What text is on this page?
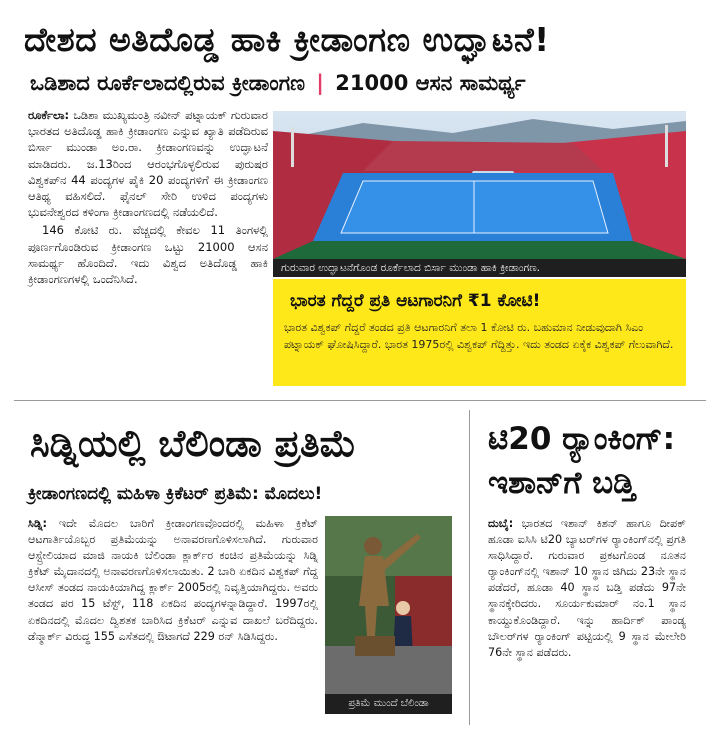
ದೇಶದ ಅತಿದೊಡ್ಡ ಹಾಕಿ ಕ್ರೀಡಾಂಗಣ ಉದ್ಘಾಟನೆ!
ಒಡಿಶಾದ ರೂರ್ಕೆಲಾದಲ್ಲಿರುವ ಕ್ರೀಡಾಂಗಣ | 21000 ಆಸನ ಸಾಮರ್ಥ್ಯ

ರೂರ್ಕೆಲಾ: ಒಡಿಶಾ ಮುಖ್ಯಮಂತ್ರಿ ನವೀನ್ ಪಟ್ನಾಯಕ್ ಗುರುವಾರ ಭಾರತದ ಅತಿದೊಡ್ಡ ಹಾಕಿ ಕ್ರೀಡಾಂಗಣ ಎನ್ನುವ ಖ್ಯಾತಿ ಪಡೆದಿರುವ ಬಿರ್ಸಾ ಮುಂಡಾ ಅಂ.ರಾ. ಕ್ರೀಡಾಂಗಣವನ್ನು ಉದ್ಘಾಟನೆ ಮಾಡಿದರು. ಜ.13ರಿಂದ ಆರಂಭಗೊಳ್ಳಲಿರುವ ಪುರುಷರ ವಿಶ್ವಕಪ್‌ನ 44 ಪಂದ್ಯಗಳ ಪೈಕಿ 20 ಪಂದ್ಯಗಳಿಗೆ ಈ ಕ್ರೀಡಾಂಗಣ ಆತಿಥ್ಯ ವಹಿಸಲಿದೆ. ಫೈನಲ್ ಸೇರಿ ಉಳಿದ ಪಂದ್ಯಗಳು ಭುವನೇಶ್ವರದ ಕಳಿಂಗಾ ಕ್ರೀಡಾಂಗಣದಲ್ಲಿ ನಡೆಯಲಿದೆ.

146 ಕೋಟಿ ರು. ವೆಚ್ಚದಲ್ಲಿ ಕೇವಲ 11 ತಿಂಗಳಲ್ಲಿ ಪೂರ್ಣಗೊಂಡಿರುವ ಕ್ರೀಡಾಂಗಣ ಒಟ್ಟು 21000 ಆಸನ ಸಾಮರ್ಥ್ಯ ಹೊಂದಿದೆ. ಇದು ವಿಶ್ವದ ಅತಿದೊಡ್ಡ ಹಾಕಿ ಕ್ರೀಡಾಂಗಣಗಳಲ್ಲಿ ಒಂದೆನಿಸಿದೆ.

ಗುರುವಾರ ಉದ್ಘಾಟನೆಗೊಂಡ ರೂರ್ಕೆಲಾದ ಬಿರ್ಸಾ ಮುಂಡಾ ಹಾಕಿ ಕ್ರೀಡಾಂಗಣ.
ಭಾರತ ಗೆದ್ದರೆ ಪ್ರತಿ ಆಟಗಾರನಿಗೆ ₹1 ಕೋಟಿ!
ಭಾರತ ವಿಶ್ವಕಪ್ ಗೆದ್ದರೆ ತಂಡದ ಪ್ರತಿ ಆಟಗಾರನಿಗೆ ತಲಾ 1 ಕೋಟಿ ರು. ಬಹುಮಾನ ನೀಡುವುದಾಗಿ ಸಿಎಂ ಪಟ್ನಾಯಕ್ ಘೋಷಿಸಿದ್ದಾರೆ. ಭಾರತ 1975ರಲ್ಲಿ ವಿಶ್ವಕಪ್ ಗೆದ್ದಿತ್ತು. ಇದು ತಂಡದ ಏಕೈಕ ವಿಶ್ವಕಪ್ ಗೆಲುವಾಗಿದೆ.
ಸಿಡ್ನಿಯಲ್ಲಿ ಬೆಲಿಂಡಾ ಪ್ರತಿಮೆ
ಕ್ರೀಡಾಂಗಣದಲ್ಲಿ ಮಹಿಳಾ ಕ್ರಿಕೆಟರ್ ಪ್ರತಿಮೆ: ಮೊದಲು!

ಸಿಡ್ನಿ: ಇದೇ ಮೊದಲ ಬಾರಿಗೆ ಕ್ರೀಡಾಂಗಣವೊಂದರಲ್ಲಿ ಮಹಿಳಾ ಕ್ರಿಕೆಟ್ ಆಟಗಾರ್ತಿಯೊಬ್ಬರ ಪ್ರತಿಮೆಯನ್ನು ಅನಾವರಣಗೊಳಿಸಲಾಗಿದೆ. ಗುರುವಾರ ಆಸ್ಟ್ರೇಲಿಯಾದ ಮಾಜಿ ನಾಯಕಿ ಬೆಲಿಂಡಾ ಕ್ಲಾರ್ಕ್‌ರ ಕಂಚಿನ ಪ್ರತಿಮೆಯನ್ನು ಸಿಡ್ನಿ ಕ್ರಿಕೆಟ್ ಮೈದಾನದಲ್ಲಿ ಅನಾವರಣಗೊಳಿಸಲಾಯಿತು. 2 ಬಾರಿ ಏಕದಿನ ವಿಶ್ವಕಪ್ ಗೆದ್ದ ಆಸೀಸ್ ತಂಡದ ನಾಯಕಿಯಾಗಿದ್ದ ಕ್ಲಾರ್ಕ್ 2005ರಲ್ಲಿ ನಿವೃತ್ತಿಯಾಗಿದ್ದರು. ಅವರು ತಂಡದ ಪರ 15 ಟೆಸ್ಟ್, 118 ಏಕದಿನ ಪಂದ್ಯಗಳನ್ನಾಡಿದ್ದಾರೆ. 1997ರಲ್ಲಿ ಏಕದಿನದಲ್ಲಿ ಮೊದಲ ದ್ವಿಶತಕ ಬಾರಿಸಿದ ಕ್ರಿಕೆಟರ್ ಎನ್ನುವ ದಾಖಲೆ ಬರೆದಿದ್ದರು. ಡೆನ್ಮಾರ್ಕ್ ವಿರುದ್ಧ 155 ಎಸೆತದಲ್ಲಿ ಔಟಾಗದೆ 229 ರನ್ ಸಿಡಿಸಿದ್ದರು.

ಪ್ರತಿಮೆ ಮುಂದೆ ಬೆಲಿಂಡಾ
ಟಿ20 ರ‍್ಯಾಂಕಿಂಗ್:
ಇಶಾನ್‌ಗೆ ಬಡ್ತಿ

ದುಬೈ: ಭಾರತದ ಇಶಾನ್ ಕಿಶನ್ ಹಾಗೂ ದೀಪಕ್ ಹೂಡಾ ಐಸಿಸಿ ಟಿ20 ಬ್ಯಾಟರ್‌ಗಳ ರ‍್ಯಾಂಕಿಂಗ್‌ನಲ್ಲಿ ಪ್ರಗತಿ ಸಾಧಿಸಿದ್ದಾರೆ. ಗುರುವಾರ ಪ್ರಕಟಗೊಂಡ ನೂತನ ರ‍್ಯಾಂಕಿಂಗ್‌ನಲ್ಲಿ ಇಶಾನ್ 10 ಸ್ಥಾನ ಜಿಗಿದು 23ನೇ ಸ್ಥಾನ ಪಡೆದರೆ, ಹೂಡಾ 40 ಸ್ಥಾನ ಬಡ್ತಿ ಪಡೆದು 97ನೇ ಸ್ಥಾನಕ್ಕೇರಿದರು. ಸೂರ್ಯಕುಮಾರ್ ನಂ.1 ಸ್ಥಾನ ಕಾಯ್ದುಕೊಂಡಿದ್ದಾರೆ. ಇನ್ನು ಹಾರ್ದಿಕ್ ಪಾಂಡ್ಯ ಬೌಲರ್‌ಗಳ ರ‍್ಯಾಂಕಿಂಗ್ ಪಟ್ಟಿಯಲ್ಲಿ 9 ಸ್ಥಾನ ಮೇಲೇರಿ 76ನೇ ಸ್ಥಾನ ಪಡೆದರು.
